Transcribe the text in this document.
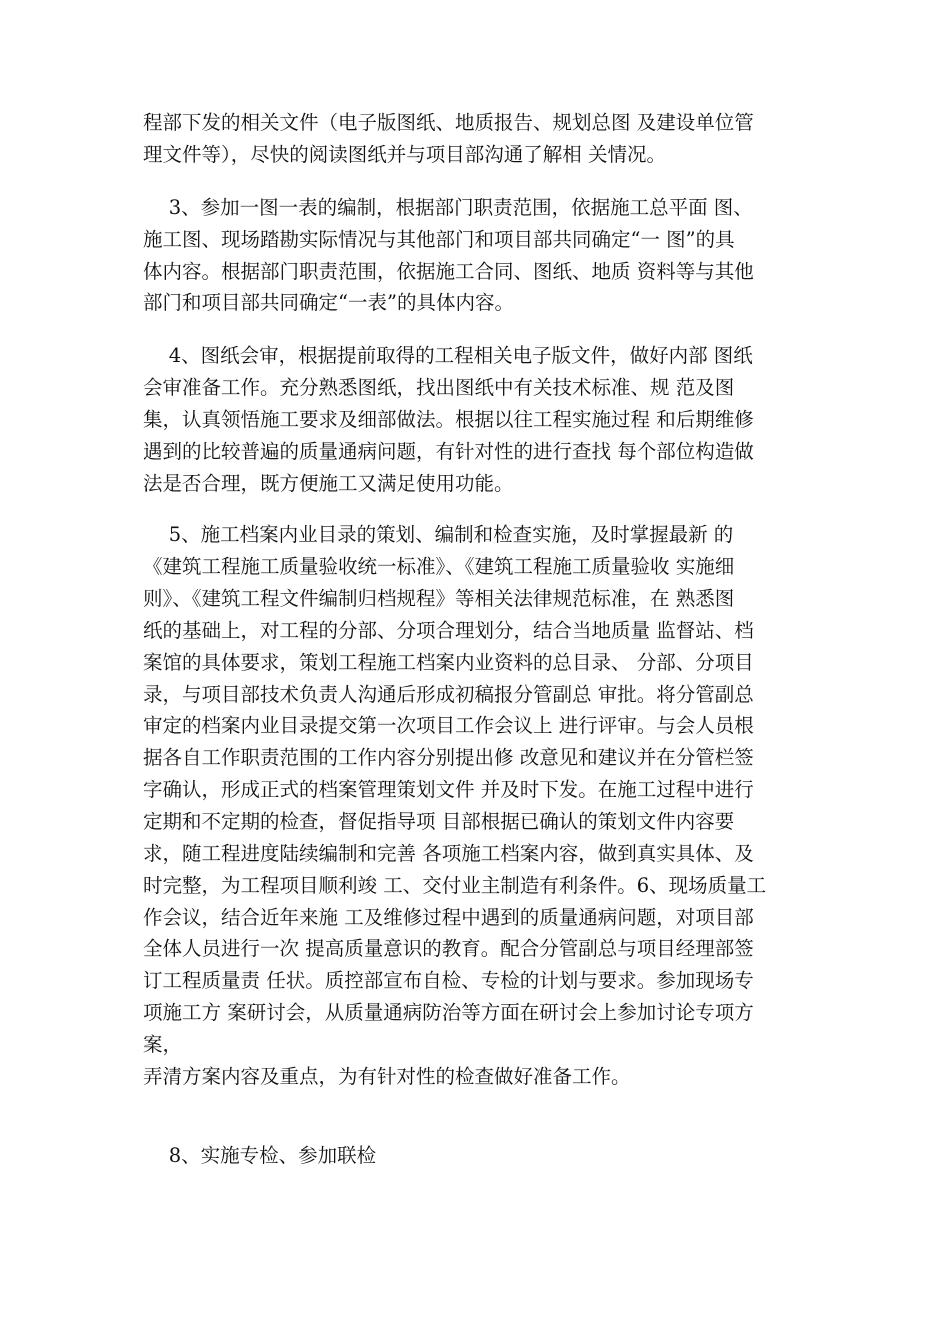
程部下发的相关文件（电子版图纸、地质报告、规划总图 及建设单位管
理文件等），尽快的阅读图纸并与项目部沟通了解相 关情况。
　 3、参加一图一表的编制，根据部门职责范围，依据施工总平面 图、
施工图、现场踏勘实际情况与其他部门和项目部共同确定“一 图”的具
体内容。根据部门职责范围，依据施工合同、图纸、地质 资料等与其他
部门和项目部共同确定“一表”的具体内容。
　 4、图纸会审，根据提前取得的工程相关电子版文件，做好内部 图纸
会审准备工作。充分熟悉图纸，找出图纸中有关技术标准、规 范及图
集，认真领悟施工要求及细部做法。根据以往工程实施过程 和后期维修
遇到的比较普遍的质量通病问题，有针对性的进行查找 每个部位构造做
法是否合理，既方便施工又满足使用功能。
　 5、施工档案内业目录的策划、编制和检查实施，及时掌握最新 的
《建筑工程施工质量验收统一标准》、《建筑工程施工质量验收 实施细
则》、《建筑工程文件编制归档规程》等相关法律规范标准，在 熟悉图
纸的基础上，对工程的分部、分项合理划分，结合当地质量 监督站、档
案馆的具体要求，策划工程施工档案内业资料的总目录、 分部、分项目
录，与项目部技术负责人沟通后形成初稿报分管副总 审批。将分管副总
审定的档案内业目录提交第一次项目工作会议上 进行评审。与会人员根
据各自工作职责范围的工作内容分别提出修 改意见和建议并在分管栏签
字确认，形成正式的档案管理策划文件 并及时下发。在施工过程中进行
定期和不定期的检查，督促指导项 目部根据已确认的策划文件内容要
求，随工程进度陆续编制和完善 各项施工档案内容，做到真实具体、及
时完整，为工程项目顺利竣 工、交付业主制造有利条件。6、现场质量工
作会议，结合近年来施 工及维修过程中遇到的质量通病问题，对项目部
全体人员进行一次 提高质量意识的教育。配合分管副总与项目经理部签
订工程质量责 任状。质控部宣布自检、专检的计划与要求。参加现场专
项施工方 案研讨会，从质量通病防治等方面在研讨会上参加讨论专项方
案，
弄清方案内容及重点，为有针对性的检查做好准备工作。
　 8、实施专检、参加联检
